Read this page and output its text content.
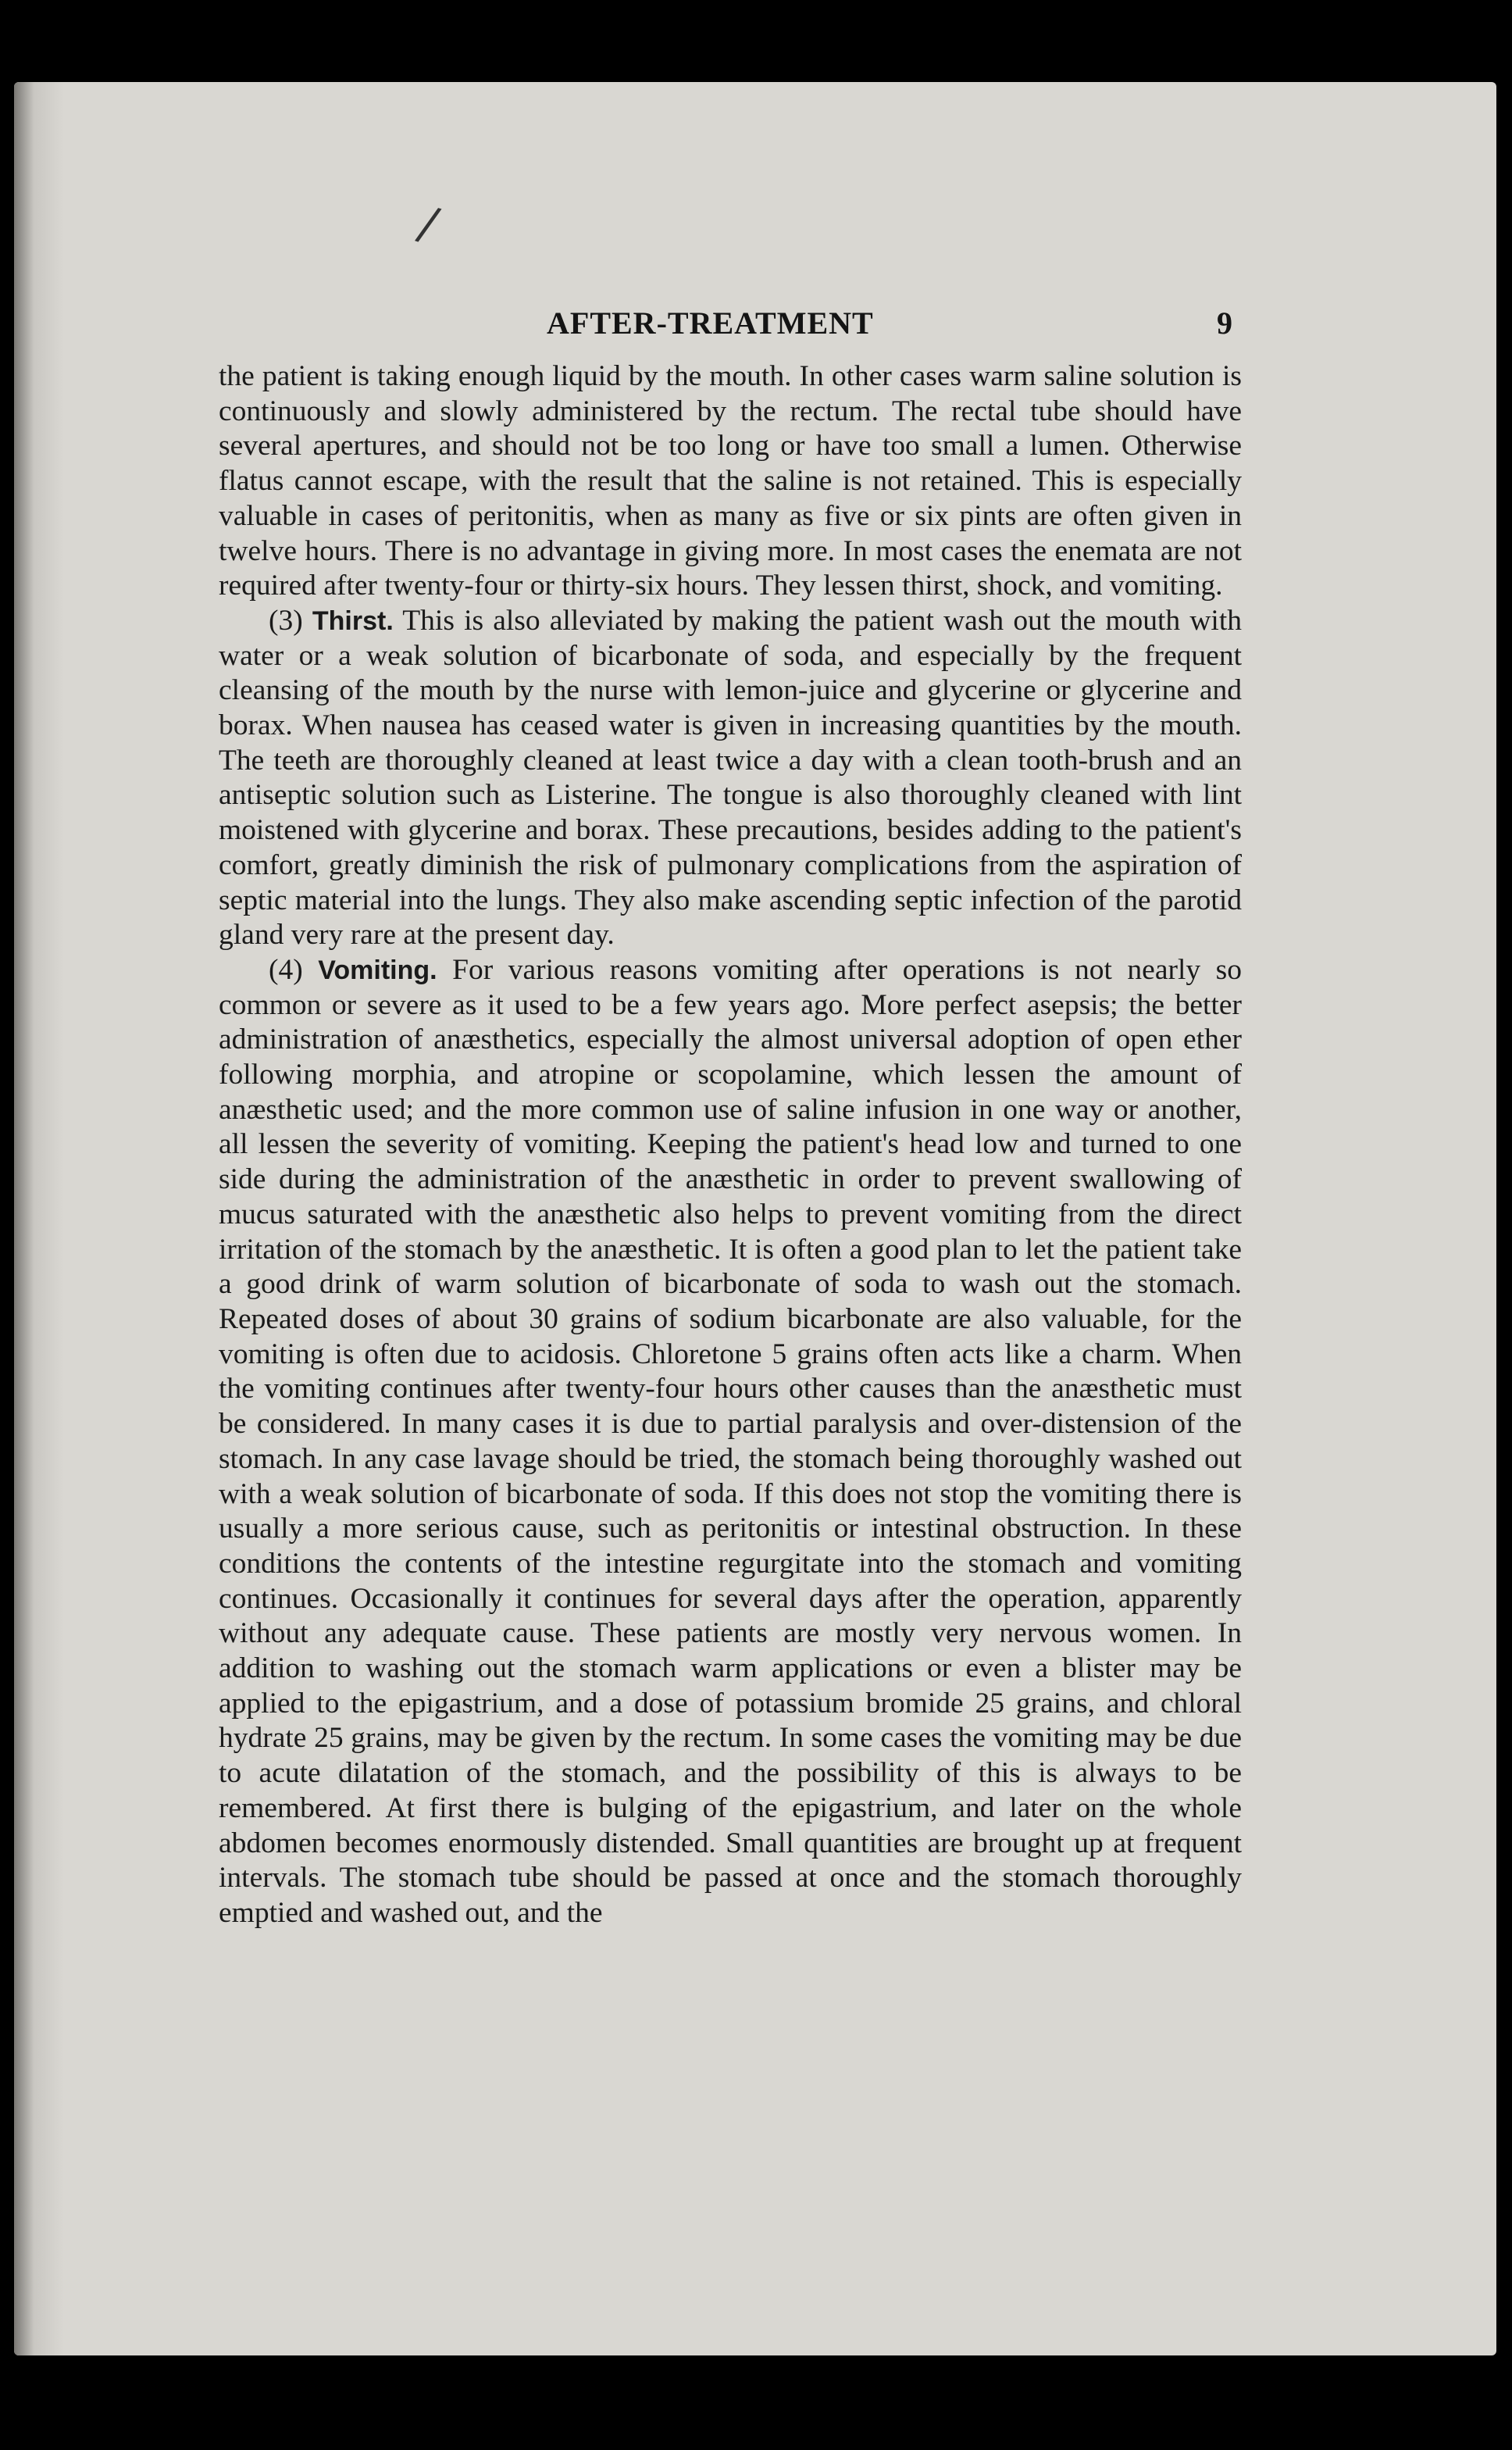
/
AFTER-TREATMENT	9

the patient is taking enough liquid by the mouth. In other cases warm saline solution is continuously and slowly administered by the rectum. The rectal tube should have several apertures, and should not be too long or have too small a lumen. Otherwise flatus cannot escape, with the result that the saline is not retained. This is especially valuable in cases of peritonitis, when as many as five or six pints are often given in twelve hours. There is no advantage in giving more. In most cases the enemata are not required after twenty-four or thirty-six hours. They lessen thirst, shock, and vomiting.

(3) Thirst. This is also alleviated by making the patient wash out the mouth with water or a weak solution of bicarbonate of soda, and especially by the frequent cleansing of the mouth by the nurse with lemon-juice and glycerine or glycerine and borax. When nausea has ceased water is given in increasing quantities by the mouth. The teeth are thoroughly cleaned at least twice a day with a clean tooth-brush and an antiseptic solution such as Listerine. The tongue is also thoroughly cleaned with lint moistened with glycerine and borax. These precautions, besides adding to the patient's comfort, greatly diminish the risk of pulmonary complications from the aspiration of septic material into the lungs. They also make ascending septic infection of the parotid gland very rare at the present day.

(4) Vomiting. For various reasons vomiting after operations is not nearly so common or severe as it used to be a few years ago. More perfect asepsis; the better administration of anæsthetics, especially the almost universal adoption of open ether following morphia, and atropine or scopolamine, which lessen the amount of anæsthetic used; and the more common use of saline infusion in one way or another, all lessen the severity of vomiting. Keeping the patient's head low and turned to one side during the administration of the anæsthetic in order to prevent swallowing of mucus saturated with the anæsthetic also helps to prevent vomiting from the direct irritation of the stomach by the anæsthetic. It is often a good plan to let the patient take a good drink of warm solution of bicarbonate of soda to wash out the stomach. Repeated doses of about 30 grains of sodium bicarbonate are also valuable, for the vomiting is often due to acidosis. Chloretone 5 grains often acts like a charm. When the vomiting continues after twenty-four hours other causes than the anæsthetic must be considered. In many cases it is due to partial paralysis and over-distension of the stomach. In any case lavage should be tried, the stomach being thoroughly washed out with a weak solution of bicarbonate of soda. If this does not stop the vomiting there is usually a more serious cause, such as peritonitis or intestinal obstruction. In these conditions the contents of the intestine regurgitate into the stomach and vomiting continues. Occasionally it continues for several days after the operation, apparently without any adequate cause. These patients are mostly very nervous women. In addition to washing out the stomach warm applications or even a blister may be applied to the epigastrium, and a dose of potassium bromide 25 grains, and chloral hydrate 25 grains, may be given by the rectum. In some cases the vomiting may be due to acute dilatation of the stomach, and the possibility of this is always to be remembered. At first there is bulging of the epigastrium, and later on the whole abdomen becomes enormously distended. Small quantities are brought up at frequent intervals. The stomach tube should be passed at once and the stomach thoroughly emptied and washed out, and the
